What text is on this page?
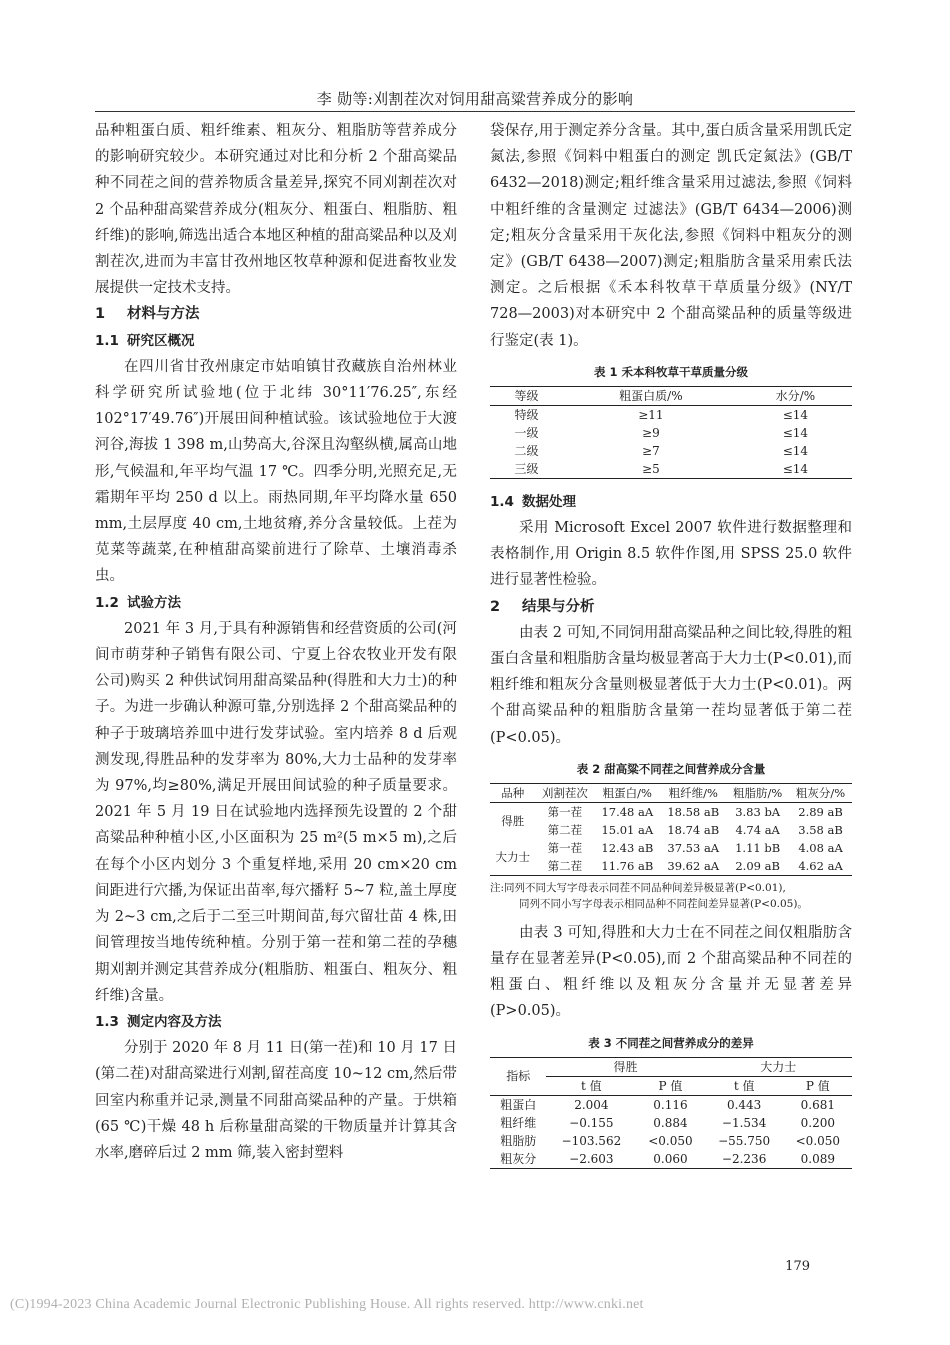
李 勋等:刈割茬次对饲用甜高粱营养成分的影响

品种粗蛋白质、粗纤维素、粗灰分、粗脂肪等营养成分的影响研究较少。本研究通过对比和分析 2 个甜高粱品种不同茬之间的营养物质含量差异,探究不同刈割茬次对 2 个品种甜高粱营养成分(粗灰分、粗蛋白、粗脂肪、粗纤维)的影响,筛选出适合本地区种植的甜高粱品种以及刈割茬次,进而为丰富甘孜州地区牧草种源和促进畜牧业发展提供一定技术支持。

1 材料与方法

1.1 研究区概况

在四川省甘孜州康定市姑咱镇甘孜藏族自治州林业科学研究所试验地(位于北纬 30°11′76.25″,东经 102°17′49.76″)开展田间种植试验。该试验地位于大渡河谷,海拔 1 398 m,山势高大,谷深且沟壑纵横,属高山地形,气候温和,年平均气温 17 ℃。四季分明,光照充足,无霜期年平均 250 d 以上。雨热同期,年平均降水量 650 mm,土层厚度 40 cm,土地贫瘠,养分含量较低。上茬为苋菜等蔬菜,在种植甜高粱前进行了除草、土壤消毒杀虫。

1.2 试验方法

2021 年 3 月,于具有种源销售和经营资质的公司(河间市萌芽种子销售有限公司、宁夏上谷农牧业开发有限公司)购买 2 种供试饲用甜高粱品种(得胜和大力士)的种子。为进一步确认种源可靠,分别选择 2 个甜高粱品种的种子于玻璃培养皿中进行发芽试验。室内培养 8 d 后观测发现,得胜品种的发芽率为 80%,大力士品种的发芽率为 97%,均≥80%,满足开展田间试验的种子质量要求。2021 年 5 月 19 日在试验地内选择预先设置的 2 个甜高粱品种种植小区,小区面积为 25 m²(5 m×5 m),之后在每个小区内划分 3 个重复样地,采用 20 cm×20 cm 间距进行穴播,为保证出苗率,每穴播籽 5~7 粒,盖土厚度为 2~3 cm,之后于二至三叶期间苗,每穴留壮苗 4 株,田间管理按当地传统种植。分别于第一茬和第二茬的孕穗期刈割并测定其营养成分(粗脂肪、粗蛋白、粗灰分、粗纤维)含量。

1.3 测定内容及方法

分别于 2020 年 8 月 11 日(第一茬)和 10 月 17 日(第二茬)对甜高粱进行刈割,留茬高度 10~12 cm,然后带回室内称重并记录,测量不同甜高粱品种的产量。于烘箱(65 ℃)干燥 48 h 后称量甜高粱的干物质量并计算其含水率,磨碎后过 2 mm 筛,装入密封塑料

袋保存,用于测定养分含量。其中,蛋白质含量采用凯氏定氮法,参照《饲料中粗蛋白的测定 凯氏定氮法》(GB/T 6432—2018)测定;粗纤维含量采用过滤法,参照《饲料中粗纤维的含量测定 过滤法》(GB/T 6434—2006)测定;粗灰分含量采用干灰化法,参照《饲料中粗灰分的测定》(GB/T 6438—2007)测定;粗脂肪含量采用索氏法测定。之后根据《禾本科牧草干草质量分级》(NY/T 728—2003)对本研究中 2 个甜高粱品种的质量等级进行鉴定(表 1)。

表 1 禾本科牧草干草质量分级
等级	粗蛋白质/%	水分/%
特级	≥11	≤14
一级	≥9	≤14
二级	≥7	≤14
三级	≥5	≤14

1.4 数据处理

采用 Microsoft Excel 2007 软件进行数据整理和表格制作,用 Origin 8.5 软件作图,用 SPSS 25.0 软件进行显著性检验。

2 结果与分析

由表 2 可知,不同饲用甜高粱品种之间比较,得胜的粗蛋白含量和粗脂肪含量均极显著高于大力士(P<0.01),而粗纤维和粗灰分含量则极显著低于大力士(P<0.01)。两个甜高粱品种的粗脂肪含量第一茬均显著低于第二茬(P<0.05)。

表 2 甜高粱不同茬之间营养成分含量
品种	刈割茬次	粗蛋白/%	粗纤维/%	粗脂肪/%	粗灰分/%
得胜	第一茬	17.48 aA	18.58 aB	3.83 bA	2.89 aB
	第二茬	15.01 aA	18.74 aB	4.74 aA	3.58 aB
大力士	第一茬	12.43 aB	37.53 aA	1.11 bB	4.08 aA
	第二茬	11.76 aB	39.62 aA	2.09 aB	4.62 aA
注:同列不同大写字母表示同茬不同品种间差异极显著(P<0.01),
同列不同小写字母表示相同品种不同茬间差异显著(P<0.05)。

由表 3 可知,得胜和大力士在不同茬之间仅粗脂肪含量存在显著差异(P<0.05),而 2 个甜高粱品种不同茬的粗蛋白、粗纤维以及粗灰分含量并无显著差异(P>0.05)。

表 3 不同茬之间营养成分的差异
指标	得胜		大力士	
	t 值	P 值	t 值	P 值
粗蛋白	2.004	0.116	0.443	0.681
粗纤维	−0.155	0.884	−1.534	0.200
粗脂肪	−103.562	<0.050	−55.750	<0.050
粗灰分	−2.603	0.060	−2.236	0.089
179
(C)1994-2023 China Academic Journal Electronic Publishing House. All rights reserved. http://www.cnki.net
